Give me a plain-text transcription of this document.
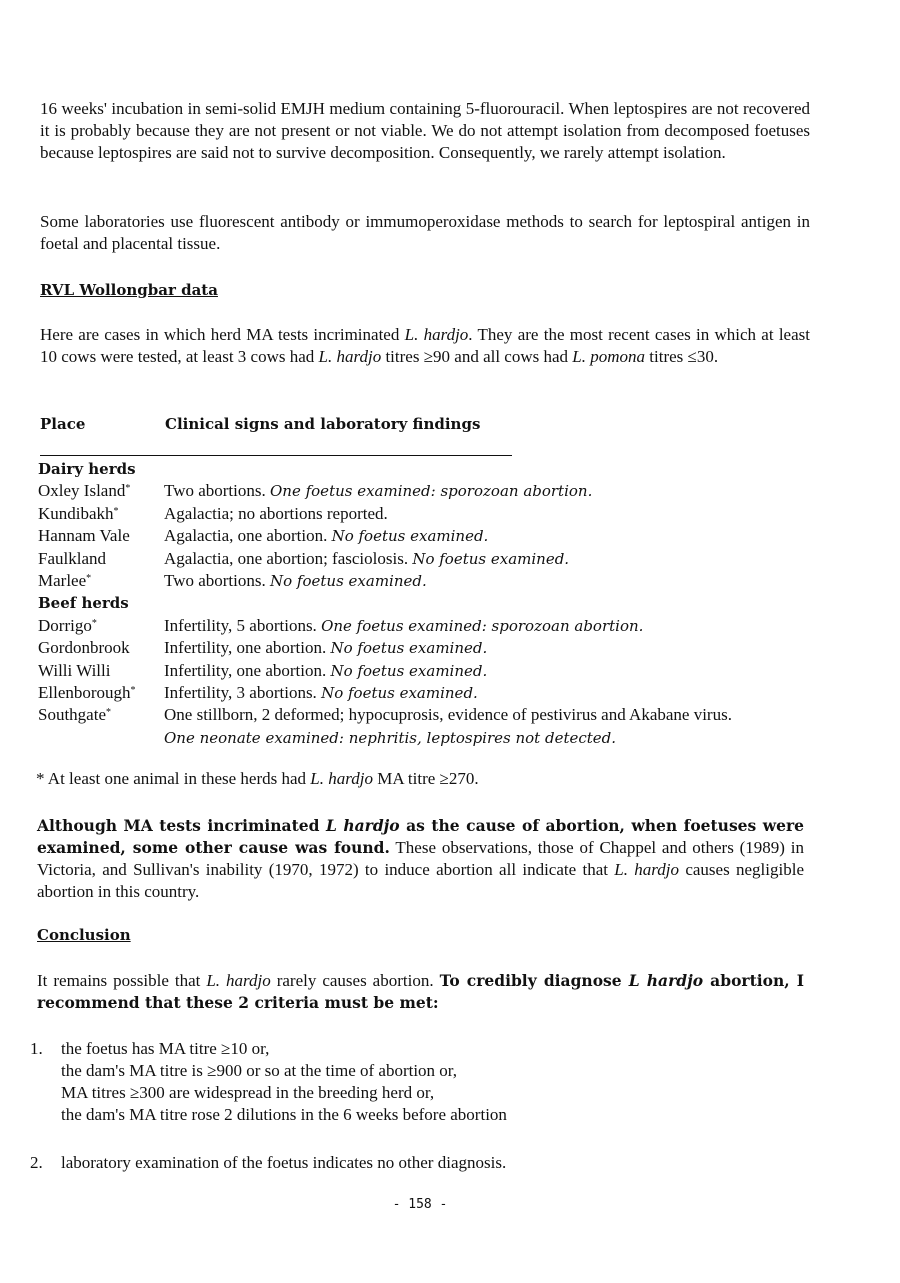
16 weeks' incubation in semi-solid EMJH medium containing 5-fluorouracil. When leptospires are not recovered it is probably because they are not present or not viable. We do not attempt isolation from decomposed foetuses because leptospires are said not to survive decomposition. Consequently, we rarely attempt isolation.

Some laboratories use fluorescent antibody or immumoperoxidase methods to search for leptospiral antigen in foetal and placental tissue.

RVL Wollongbar data

Here are cases in which herd MA tests incriminated L. hardjo. They are the most recent cases in which at least 10 cows were tested, at least 3 cows had L. hardjo titres ≥90 and all cows had L. pomona titres ≤30.

Place	Clinical signs and laboratory findings
Dairy herds
Oxley Island* Two abortions. One foetus examined: sporozoan abortion.
Kundibakh*	Agalactia; no abortions reported.
Hannam Vale Agalactia, one abortion. No foetus examined.
Faulkland	Agalactia, one abortion; fasciolosis. No foetus examined.
Marlee*	Two abortions. No foetus examined.
Beef herds
Dorrigo*	Infertility, 5 abortions. One foetus examined: sporozoan abortion.
Gordonbrook Infertility, one abortion. No foetus examined.
Willi Willi	Infertility, one abortion. No foetus examined.
Ellenborough* Infertility, 3 abortions. No foetus examined.
Southgate*	One stillborn, 2 deformed; hypocuprosis, evidence of pestivirus and Akabane virus.
One neonate examined: nephritis, leptospires not detected.

* At least one animal in these herds had L. hardjo MA titre ≥270.

Although MA tests incriminated L hardjo as the cause of abortion, when foetuses were examined, some other cause was found. These observations, those of Chappel and others (1989) in Victoria, and Sullivan's inability (1970, 1972) to induce abortion all indicate that L. hardjo causes negligible abortion in this country.

Conclusion

It remains possible that L. hardjo rarely causes abortion. To credibly diagnose L hardjo abortion, I recommend that these 2 criteria must be met:

1. the foetus has MA titre ≥10 or,
the dam's MA titre is ≥900 or so at the time of abortion or,
MA titres ≥300 are widespread in the breeding herd or,
the dam's MA titre rose 2 dilutions in the 6 weeks before abortion
2. laboratory examination of the foetus indicates no other diagnosis.
- 158 -
